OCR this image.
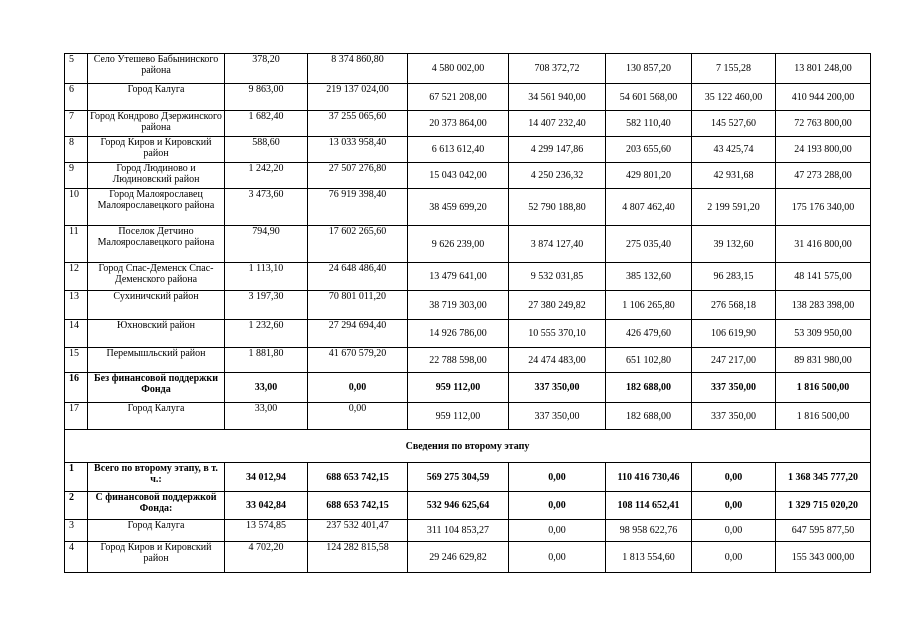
5	Село Утешево Бабынинского района	378,20	8 374 860,80	4 580 002,00	708 372,72	130 857,20	7 155,28	13 801 248,00
6	Город Калуга	9 863,00	219 137 024,00	67 521 208,00	34 561 940,00	54 601 568,00	35 122 460,00	410 944 200,00
7	Город Кондрово Дзержинского района	1 682,40	37 255 065,60	20 373 864,00	14 407 232,40	582 110,40	145 527,60	72 763 800,00
8	Город Киров и Кировский район	588,60	13 033 958,40	6 613 612,40	4 299 147,86	203 655,60	43 425,74	24 193 800,00
9	Город Людиново и Людиновский район	1 242,20	27 507 276,80	15 043 042,00	4 250 236,32	429 801,20	42 931,68	47 273 288,00
10	Город Малоярославец Малоярославецкого района	3 473,60	76 919 398,40	38 459 699,20	52 790 188,80	4 807 462,40	2 199 591,20	175 176 340,00
11	Поселок Детчино Малоярославецкого района	794,90	17 602 265,60	9 626 239,00	3 874 127,40	275 035,40	39 132,60	31 416 800,00
12	Город Спас-Деменск Спас-Деменского района	1 113,10	24 648 486,40	13 479 641,00	9 532 031,85	385 132,60	96 283,15	48 141 575,00
13	Сухиничский район	3 197,30	70 801 011,20	38 719 303,00	27 380 249,82	1 106 265,80	276 568,18	138 283 398,00
14	Юхновский район	1 232,60	27 294 694,40	14 926 786,00	10 555 370,10	426 479,60	106 619,90	53 309 950,00
15	Перемышльский район	1 881,80	41 670 579,20	22 788 598,00	24 474 483,00	651 102,80	247 217,00	89 831 980,00
16	Без финансовой поддержки Фонда	33,00	0,00	959 112,00	337 350,00	182 688,00	337 350,00	1 816 500,00
17	Город Калуга	33,00	0,00	959 112,00	337 350,00	182 688,00	337 350,00	1 816 500,00
Сведения по второму этапу								
1	Всего по второму этапу, в т. ч.:	34 012,94	688 653 742,15	569 275 304,59	0,00	110 416 730,46	0,00	1 368 345 777,20
2	С финансовой поддержкой Фонда:	33 042,84	688 653 742,15	532 946 625,64	0,00	108 114 652,41	0,00	1 329 715 020,20
3	Город Калуга	13 574,85	237 532 401,47	311 104 853,27	0,00	98 958 622,76	0,00	647 595 877,50
4	Город Киров и Кировский район	4 702,20	124 282 815,58	29 246 629,82	0,00	1 813 554,60	0,00	155 343 000,00
